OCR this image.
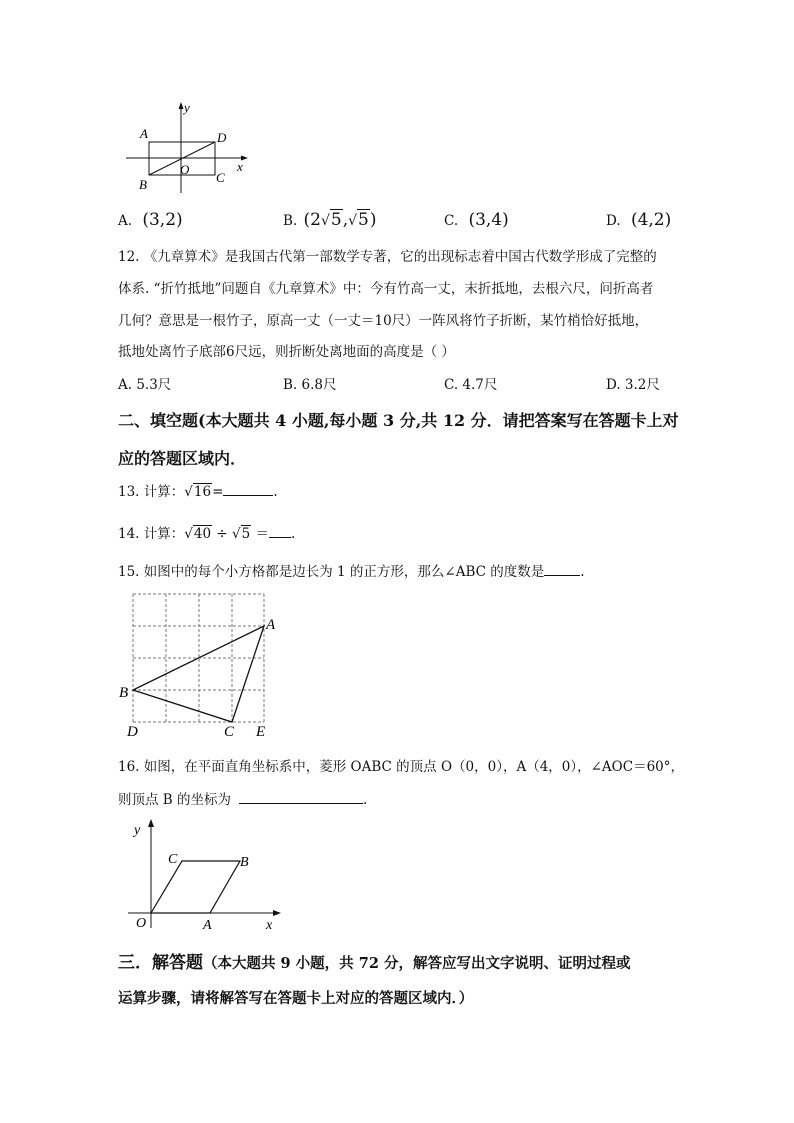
y
x
A	D
O
B	C
A. (3,2)	B. (2√5,√5)	C. (3,4)	D. (4,2)
12. 《九章算术》是我国古代第一部数学专著，它的出现标志着中国古代数学形成了完整的
体系. “折竹抵地”问题自《九章算术》中：今有竹高一丈，末折抵地，去根六尺，问折高者
几何？意思是一根竹子，原高一丈（一丈＝10尺）一阵风将竹子折断，某竹梢恰好抵地，
抵地处离竹子底部6尺远，则折断处离地面的高度是（ ）
A. 5.3尺	B. 6.8尺	C. 4.7尺	D. 3.2尺
二、填空题(本大题共 4 小题,每小题 3 分,共 12 分．请把答案写在答题卡上对
应的答题区域内．
13. 计算：√16=	.
14. 计算：√40 ÷ √5 ＝ .
15. 如图中的每个小方格都是边长为 1 的正方形，那么∠ABC 的度数是	.
A
B
C
D	E
16. 如图，在平面直角坐标系中，菱形 OABC 的顶点 O（0，0），A（4，0），∠AOC＝60°，
则顶点 B 的坐标为	.
y
x
O	A
B
C
三．解答题（本大题共 9 小题，共 72 分，解答应写出文字说明、证明过程或
运算步骤，请将解答写在答题卡上对应的答题区域内．）
